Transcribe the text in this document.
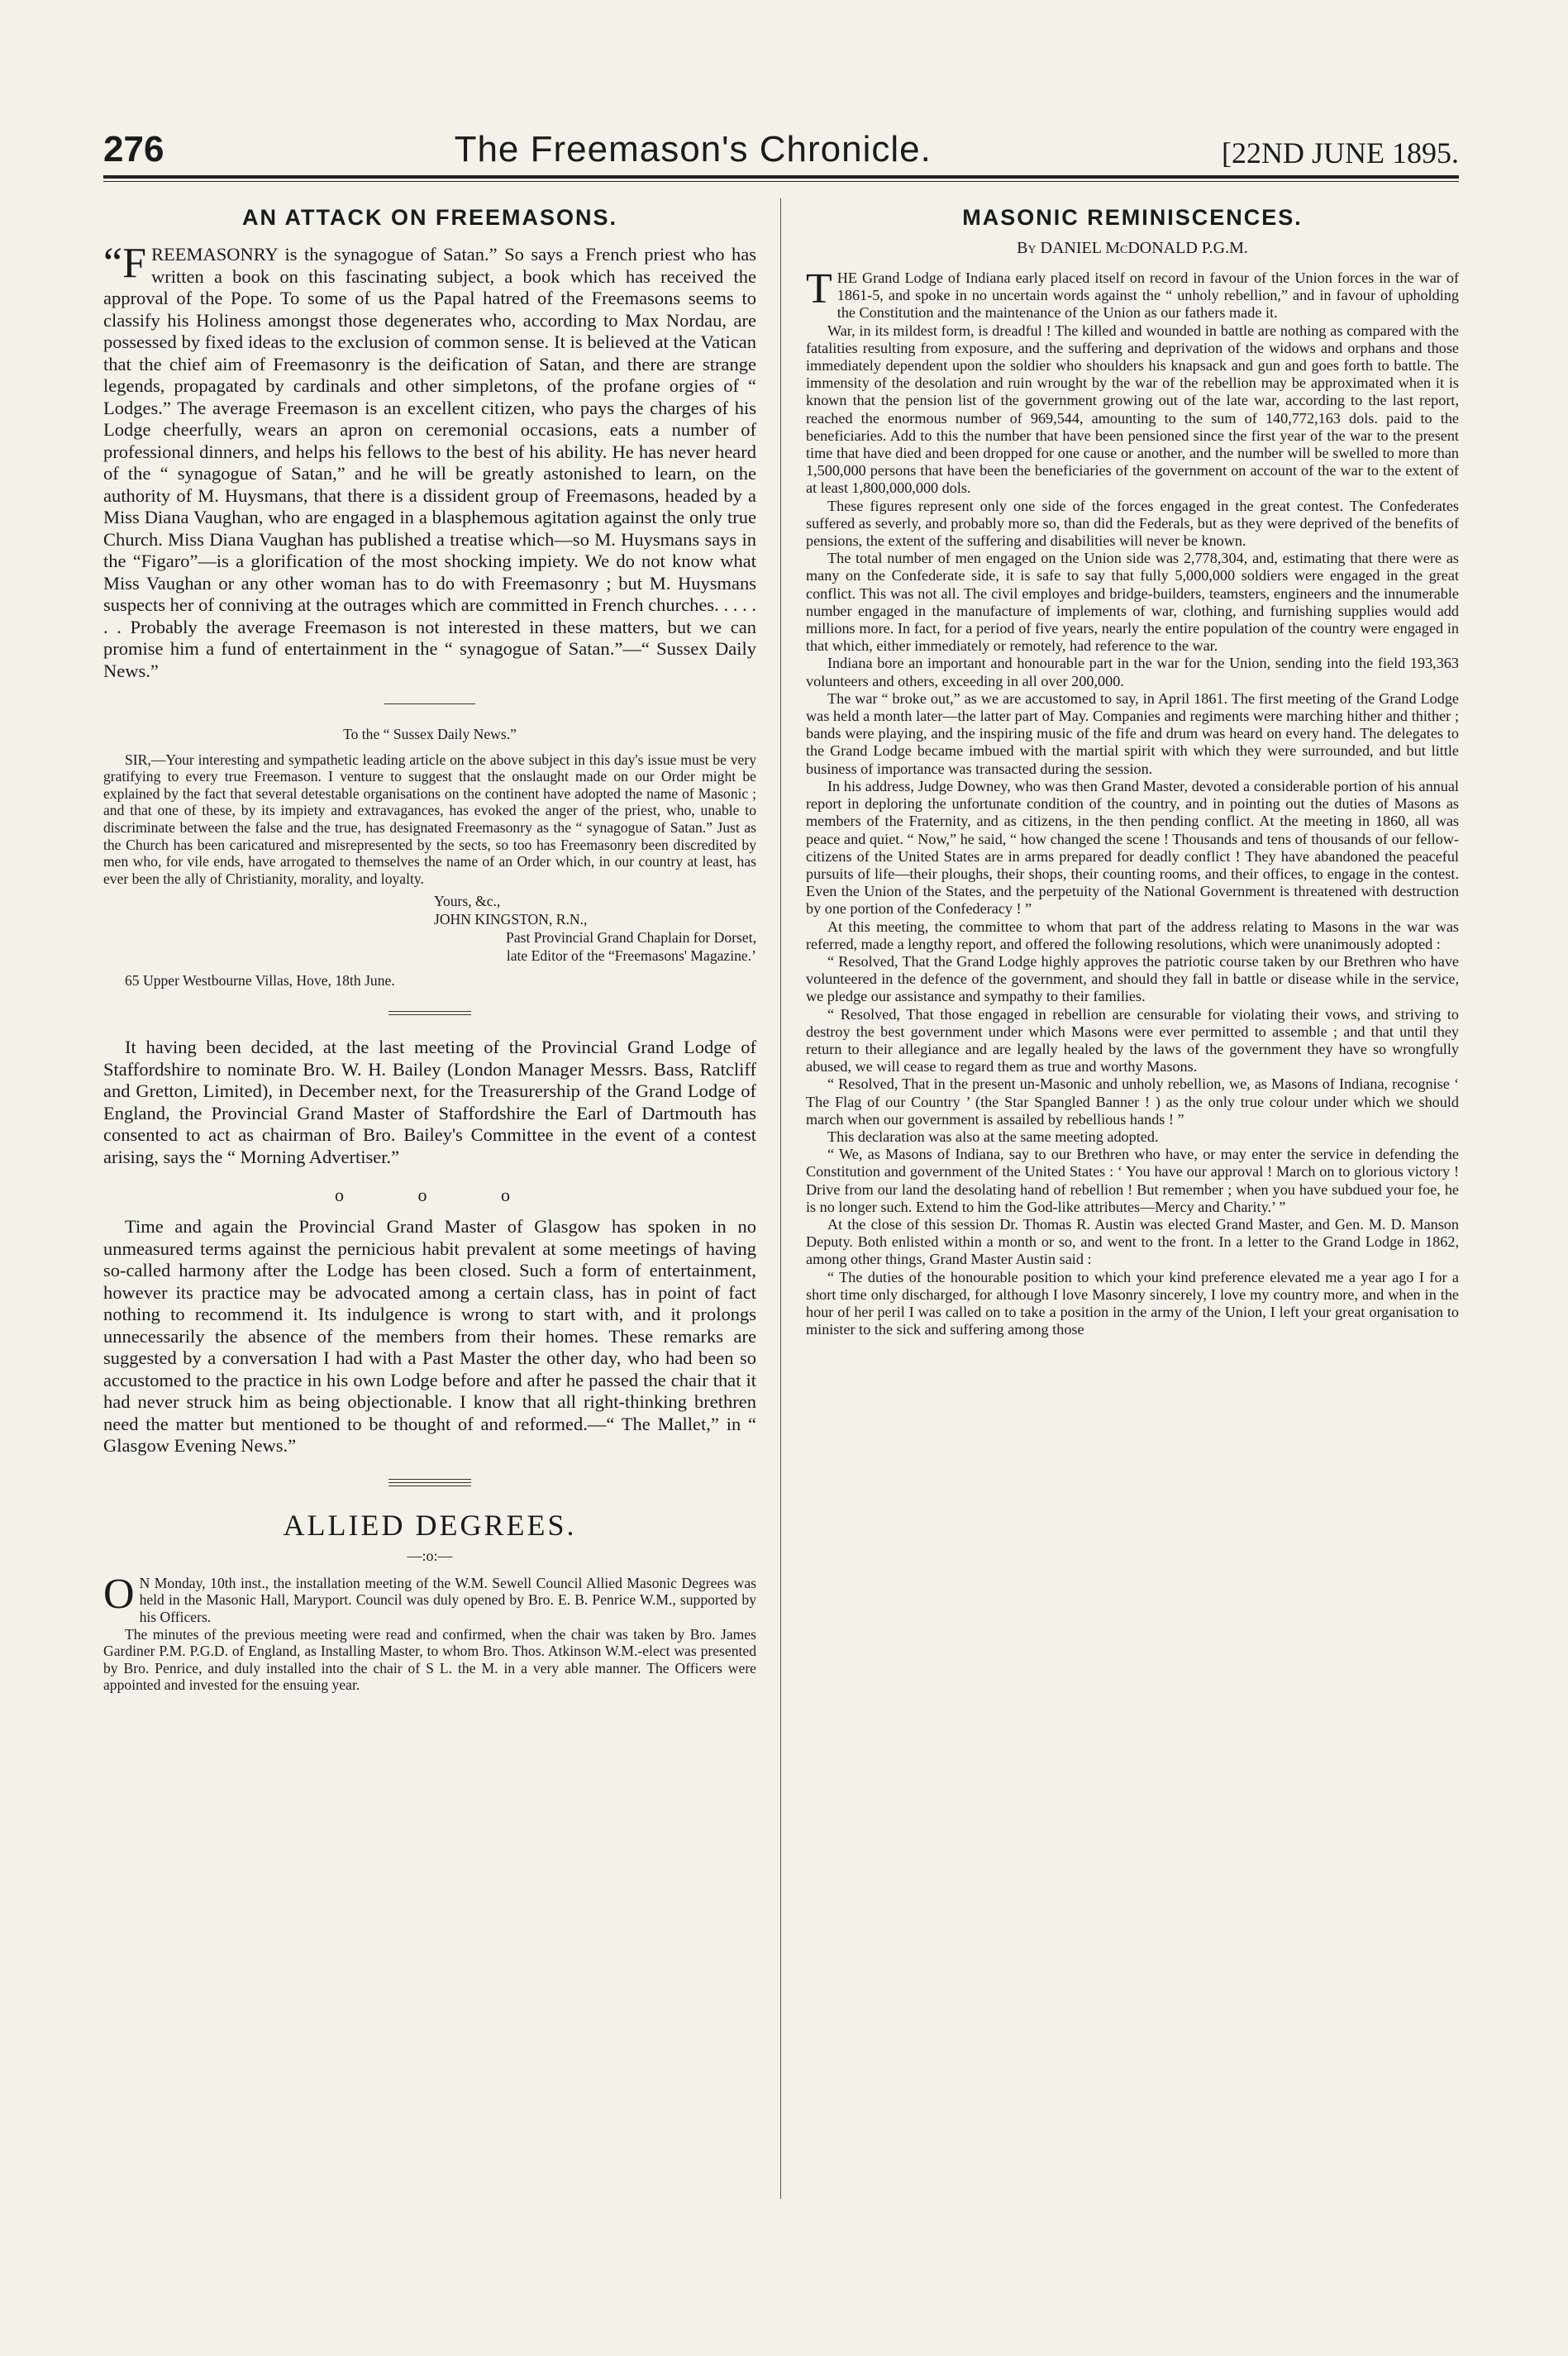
276	The Freemason's Chronicle.	[22ND JUNE 1895.
AN ATTACK ON FREEMASONS.

“FREEMASONRY is the synagogue of Satan.” So says a French priest who has written a book on this fascinating subject, a book which has received the approval of the Pope. To some of us the Papal hatred of the Freemasons seems to classify his Holiness amongst those degenerates who, according to Max Nordau, are possessed by fixed ideas to the exclusion of common sense. It is believed at the Vatican that the chief aim of Freemasonry is the deification of Satan, and there are strange legends, propagated by cardinals and other simpletons, of the profane orgies of “ Lodges.” The average Freemason is an excellent citizen, who pays the charges of his Lodge cheerfully, wears an apron on ceremonial occasions, eats a number of professional dinners, and helps his fellows to the best of his ability. He has never heard of the “ synagogue of Satan,” and he will be greatly astonished to learn, on the authority of M. Huysmans, that there is a dissident group of Freemasons, headed by a Miss Diana Vaughan, who are engaged in a blasphemous agitation against the only true Church. Miss Diana Vaughan has published a treatise which—so M. Huysmans says in the “Figaro”—is a glorification of the most shocking impiety. We do not know what Miss Vaughan or any other woman has to do with Freemasonry ; but M. Huysmans suspects her of conniving at the outrages which are committed in French churches. . . . . . . Probably the average Freemason is not interested in these matters, but we can promise him a fund of entertainment in the “ synagogue of Satan.”—“ Sussex Daily News.”

To the “ Sussex Daily News.”

SIR,—Your interesting and sympathetic leading article on the above subject in this day's issue must be very gratifying to every true Freemason. I venture to suggest that the onslaught made on our Order might be explained by the fact that several detestable organisations on the continent have adopted the name of Masonic ; and that one of these, by its impiety and extravagances, has evoked the anger of the priest, who, unable to discriminate between the false and the true, has designated Freemasonry as the “ synagogue of Satan.” Just as the Church has been caricatured and misrepresented by the sects, so too has Freemasonry been discredited by men who, for vile ends, have arrogated to themselves the name of an Order which, in our country at least, has ever been the ally of Christianity, morality, and loyalty.

Yours, &c.,
JOHN KINGSTON, R.N.,
Past Provincial Grand Chaplain for Dorset,
late Editor of the “Freemasons' Magazine.’
65 Upper Westbourne Villas, Hove, 18th June.

It having been decided, at the last meeting of the Provincial Grand Lodge of Staffordshire to nominate Bro. W. H. Bailey (London Manager Messrs. Bass, Ratcliff and Gretton, Limited), in December next, for the Treasurership of the Grand Lodge of England, the Provincial Grand Master of Staffordshire the Earl of Dartmouth has consented to act as chairman of Bro. Bailey's Committee in the event of a contest arising, says the “ Morning Advertiser.”

o o o

Time and again the Provincial Grand Master of Glasgow has spoken in no unmeasured terms against the pernicious habit prevalent at some meetings of having so-called harmony after the Lodge has been closed. Such a form of entertainment, however its practice may be advocated among a certain class, has in point of fact nothing to recommend it. Its indulgence is wrong to start with, and it prolongs unnecessarily the absence of the members from their homes. These remarks are suggested by a conversation I had with a Past Master the other day, who had been so accustomed to the practice in his own Lodge before and after he passed the chair that it had never struck him as being objectionable. I know that all right-thinking brethren need the matter but mentioned to be thought of and reformed.—“ The Mallet,” in “ Glasgow Evening News.”

ALLIED DEGREES.
—:o:—

ON Monday, 10th inst., the installation meeting of the W.M. Sewell Council Allied Masonic Degrees was held in the Masonic Hall, Maryport. Council was duly opened by Bro. E. B. Penrice W.M., supported by his Officers.

The minutes of the previous meeting were read and confirmed, when the chair was taken by Bro. James Gardiner P.M. P.G.D. of England, as Installing Master, to whom Bro. Thos. Atkinson W.M.-elect was presented by Bro. Penrice, and duly installed into the chair of S L. the M. in a very able manner. The Officers were appointed and invested for the ensuing year.

MASONIC REMINISCENCES.
By DANIEL McDONALD P.G.M.

THE Grand Lodge of Indiana early placed itself on record in favour of the Union forces in the war of 1861-5, and spoke in no uncertain words against the “ unholy rebellion,” and in favour of upholding the Constitution and the maintenance of the Union as our fathers made it.

War, in its mildest form, is dreadful ! The killed and wounded in battle are nothing as compared with the fatalities resulting from exposure, and the suffering and deprivation of the widows and orphans and those immediately dependent upon the soldier who shoulders his knapsack and gun and goes forth to battle. The immensity of the desolation and ruin wrought by the war of the rebellion may be approximated when it is known that the pension list of the government growing out of the late war, according to the last report, reached the enormous number of 969,544, amounting to the sum of 140,772,163 dols. paid to the beneficiaries. Add to this the number that have been pensioned since the first year of the war to the present time that have died and been dropped for one cause or another, and the number will be swelled to more than 1,500,000 persons that have been the beneficiaries of the government on account of the war to the extent of at least 1,800,000,000 dols.

These figures represent only one side of the forces engaged in the great contest. The Confederates suffered as severly, and probably more so, than did the Federals, but as they were deprived of the benefits of pensions, the extent of the suffering and disabilities will never be known.

The total number of men engaged on the Union side was 2,778,304, and, estimating that there were as many on the Confederate side, it is safe to say that fully 5,000,000 soldiers were engaged in the great conflict. This was not all. The civil employes and bridge-builders, teamsters, engineers and the innumerable number engaged in the manufacture of implements of war, clothing, and furnishing supplies would add millions more. In fact, for a period of five years, nearly the entire population of the country were engaged in that which, either immediately or remotely, had reference to the war.

Indiana bore an important and honourable part in the war for the Union, sending into the field 193,363 volunteers and others, exceeding in all over 200,000.

The war “ broke out,” as we are accustomed to say, in April 1861. The first meeting of the Grand Lodge was held a month later—the latter part of May. Companies and regiments were marching hither and thither ; bands were playing, and the inspiring music of the fife and drum was heard on every hand. The delegates to the Grand Lodge became imbued with the martial spirit with which they were surrounded, and but little business of importance was transacted during the session.

In his address, Judge Downey, who was then Grand Master, devoted a considerable portion of his annual report in deploring the unfortunate condition of the country, and in pointing out the duties of Masons as members of the Fraternity, and as citizens, in the then pending conflict. At the meeting in 1860, all was peace and quiet. “ Now,” he said, “ how changed the scene ! Thousands and tens of thousands of our fellow-citizens of the United States are in arms prepared for deadly conflict ! They have abandoned the peaceful pursuits of life—their ploughs, their shops, their counting rooms, and their offices, to engage in the contest. Even the Union of the States, and the perpetuity of the National Government is threatened with destruction by one portion of the Confederacy ! ”

At this meeting, the committee to whom that part of the address relating to Masons in the war was referred, made a lengthy report, and offered the following resolutions, which were unanimously adopted :

“ Resolved, That the Grand Lodge highly approves the patriotic course taken by our Brethren who have volunteered in the defence of the government, and should they fall in battle or disease while in the service, we pledge our assistance and sympathy to their families.

“ Resolved, That those engaged in rebellion are censurable for violating their vows, and striving to destroy the best government under which Masons were ever permitted to assemble ; and that until they return to their allegiance and are legally healed by the laws of the government they have so wrongfully abused, we will cease to regard them as true and worthy Masons.

“ Resolved, That in the present un-Masonic and unholy rebellion, we, as Masons of Indiana, recognise ‘ The Flag of our Country ’ (the Star Spangled Banner ! ) as the only true colour under which we should march when our government is assailed by rebellious hands ! ”

This declaration was also at the same meeting adopted.

“ We, as Masons of Indiana, say to our Brethren who have, or may enter the service in defending the Constitution and government of the United States : ‘ You have our approval ! March on to glorious victory ! Drive from our land the desolating hand of rebellion ! But remember ; when you have subdued your foe, he is no longer such. Extend to him the God-like attributes—Mercy and Charity.’ ”

At the close of this session Dr. Thomas R. Austin was elected Grand Master, and Gen. M. D. Manson Deputy. Both enlisted within a month or so, and went to the front. In a letter to the Grand Lodge in 1862, among other things, Grand Master Austin said :

“ The duties of the honourable position to which your kind preference elevated me a year ago I for a short time only discharged, for although I love Masonry sincerely, I love my country more, and when in the hour of her peril I was called on to take a position in the army of the Union, I left your great organisation to minister to the sick and suffering among those
